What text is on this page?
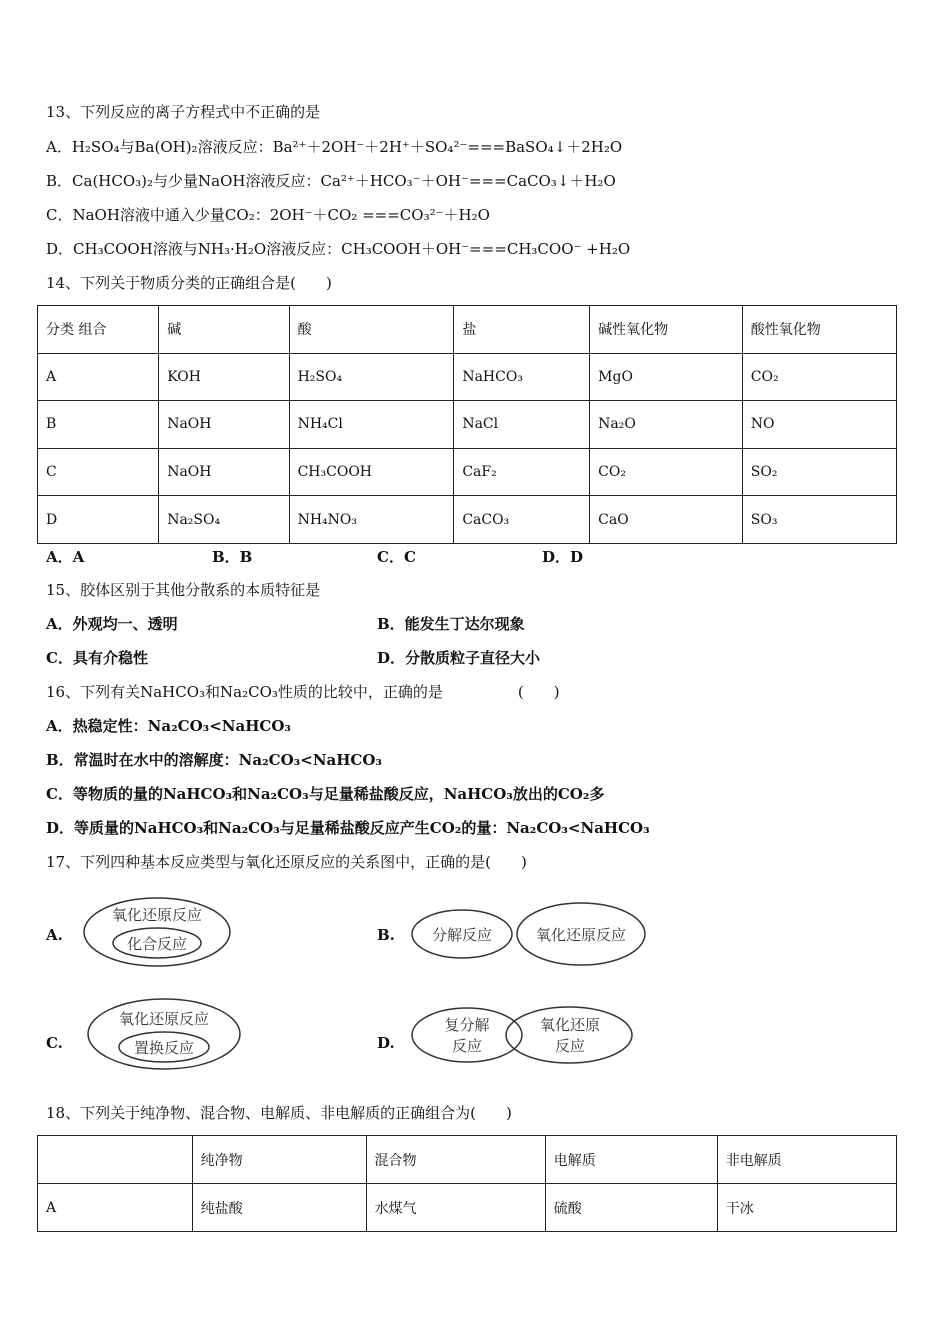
13、下列反应的离子方程式中不正确的是
A．H₂SO₄与Ba(OH)₂溶液反应：Ba²⁺＋2OH⁻＋2H⁺＋SO₄²⁻===BaSO₄↓＋2H₂O
B．Ca(HCO₃)₂与少量NaOH溶液反应：Ca²⁺＋HCO₃⁻＋OH⁻===CaCO₃↓＋H₂O
C．NaOH溶液中通入少量CO₂：2OH⁻＋CO₂ ===CO₃²⁻＋H₂O
D．CH₃COOH溶液与NH₃·H₂O溶液反应：CH₃COOH＋OH⁻===CH₃COO⁻ +H₂O
14、下列关于物质分类的正确组合是(　　)
分类 组合	碱	酸	盐	碱性氧化物	酸性氧化物
A	KOH	H₂SO₄	NaHCO₃	MgO	CO₂
B	NaOH	NH₄Cl	NaCl	Na₂O	NO
C	NaOH	CH₃COOH	CaF₂	CO₂	SO₂
D	Na₂SO₄	NH₄NO₃	CaCO₃	CaO	SO₃
A．A	B．B	C．C	D．D
15、胶体区别于其他分散系的本质特征是
A．外观均一、透明	B．能发生丁达尔现象
C．具有介稳性	D．分散质粒子直径大小
16、下列有关NaHCO₃和Na₂CO₃性质的比较中，正确的是　　　　　(　　)
A．热稳定性：Na₂CO₃<NaHCO₃
B．常温时在水中的溶解度：Na₂CO₃<NaHCO₃
C．等物质的量的NaHCO₃和Na₂CO₃与足量稀盐酸反应，NaHCO₃放出的CO₂多
D．等质量的NaHCO₃和Na₂CO₃与足量稀盐酸反应产生CO₂的量：Na₂CO₃<NaHCO₃
17、下列四种基本反应类型与氧化还原反应的关系图中，正确的是(　　)
A.	B.
C.	D.
氧化还原反应
化合反应	分解反应	氧化还原反应
氧化还原反应
置换反应
复分解
反应
氧化还原
反应
18、下列关于纯净物、混合物、电解质、非电解质的正确组合为(　　)
	纯净物	混合物	电解质	非电解质
A	纯盐酸	水煤气	硫酸	干冰
